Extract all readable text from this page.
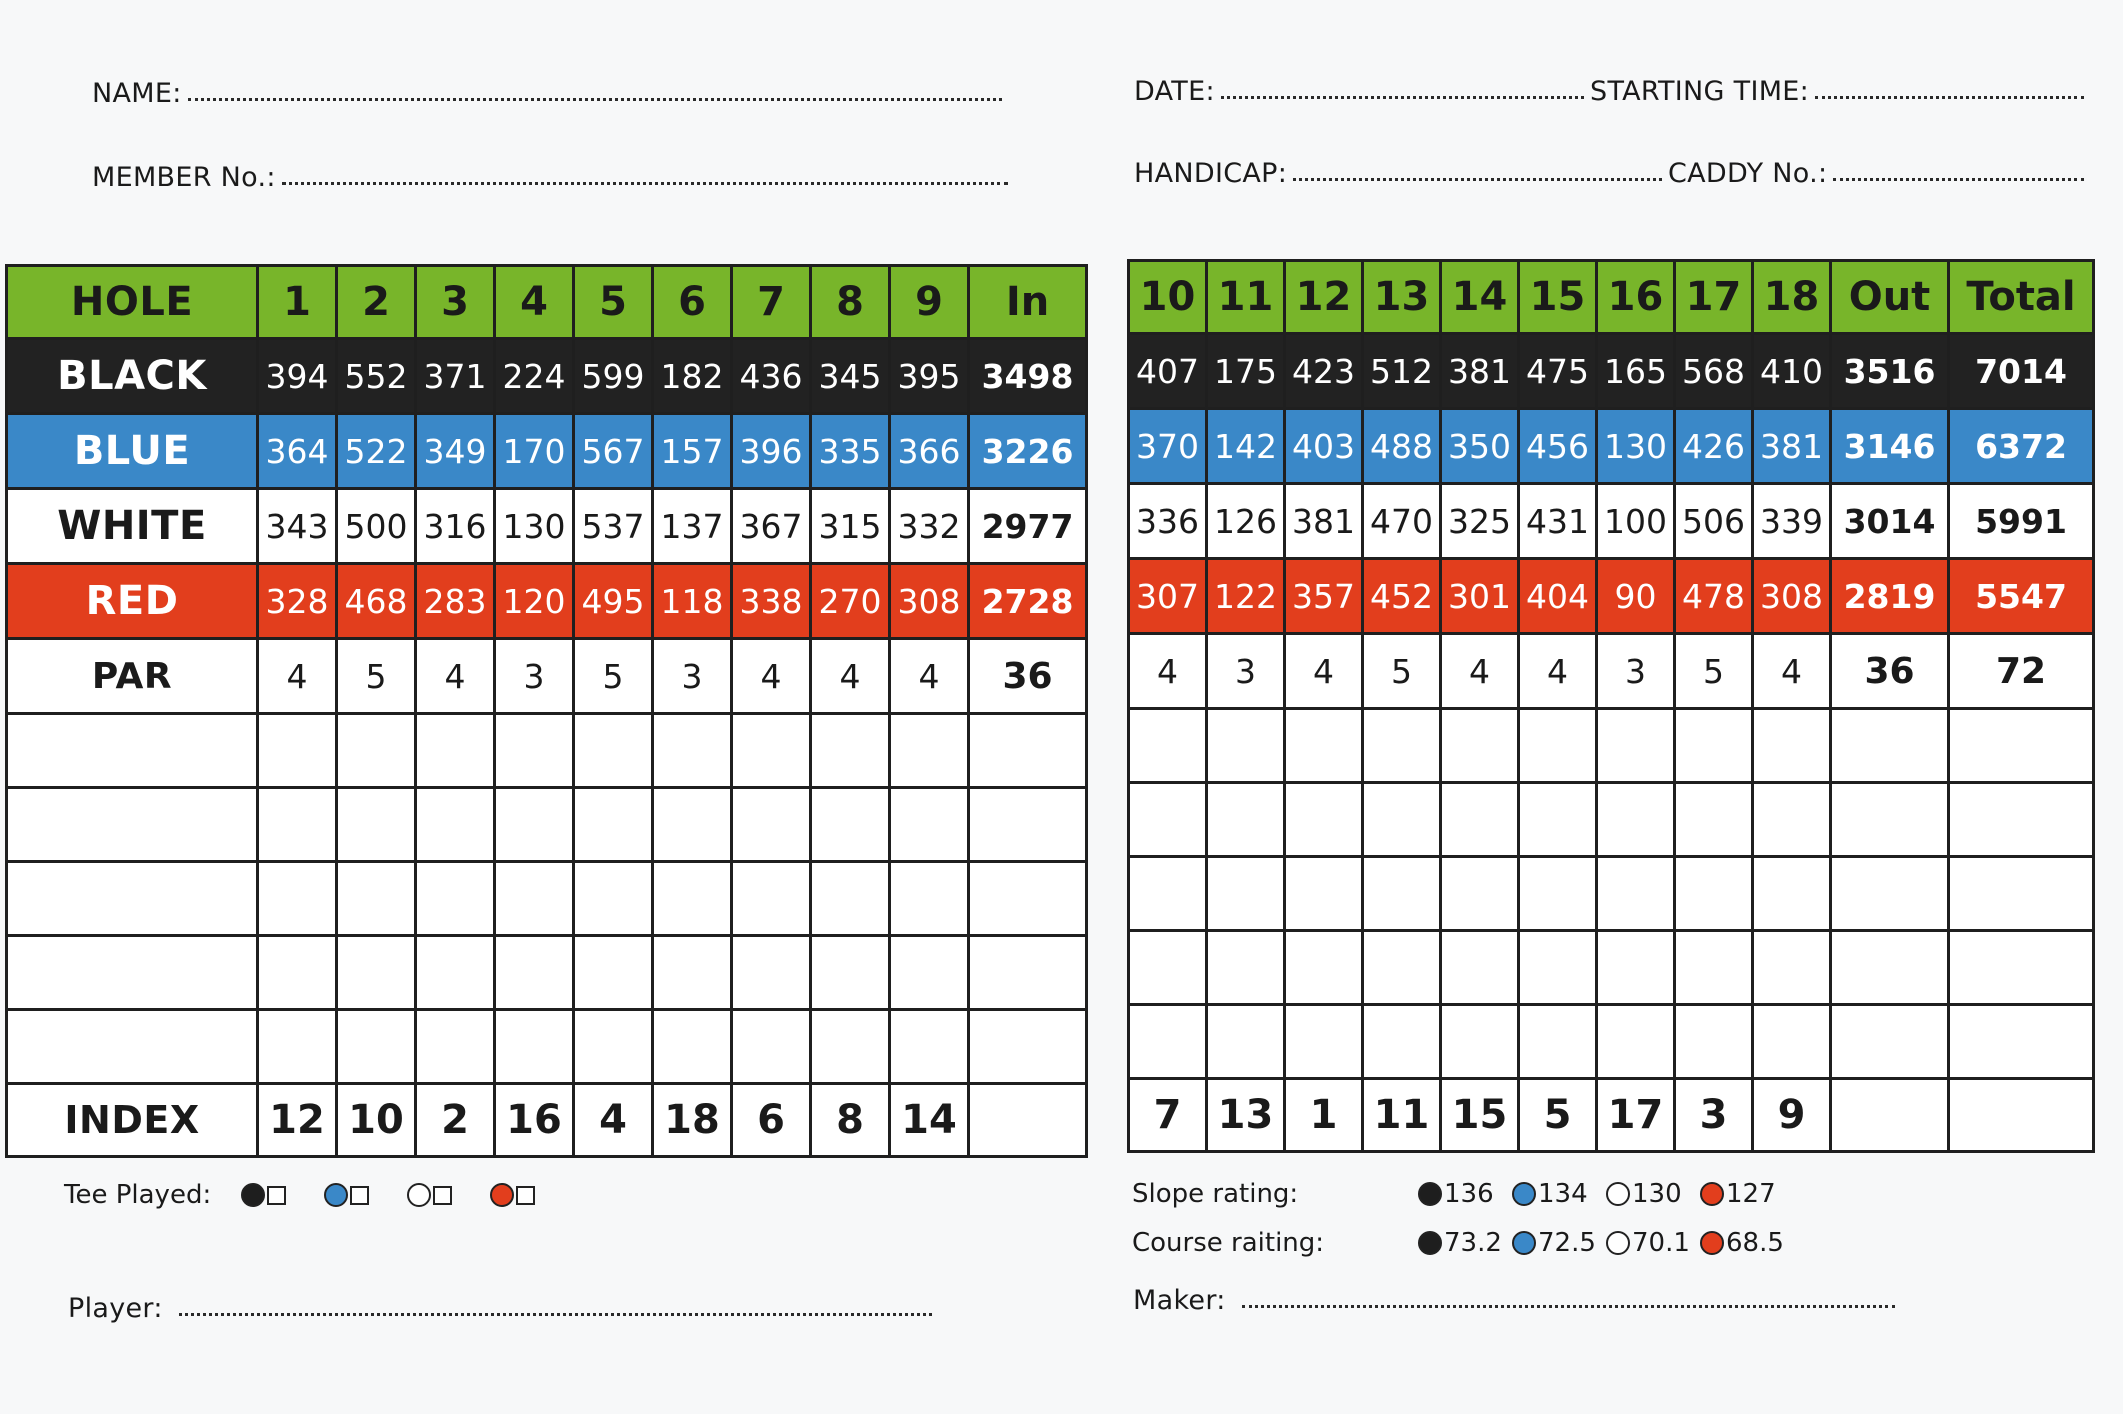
NAME:
MEMBER No.:
DATE:	STARTING TIME:
HANDICAP:	CADDY No.:
HOLE	1	2	3	4	5	6	7	8	9	In
BLACK	394	552	371	224	599	182	436	345	395	3498
BLUE	364	522	349	170	567	157	396	335	366	3226
WHITE	343	500	316	130	537	137	367	315	332	2977
RED	328	468	283	120	495	118	338	270	308	2728
PAR	4	5	4	3	5	3	4	4	4	36

INDEX	12	10	2	16	4	18	6	8	14	
10	11	12	13	14	15	16	17	18	Out	Total
407	175	423	512	381	475	165	568	410	3516	7014
370	142	403	488	350	456	130	426	381	3146	6372
336	126	381	470	325	431	100	506	339	3014	5991
307	122	357	452	301	404	90	478	308	2819	5547
4	3	4	5	4	4	3	5	4	36	72

7	13	1	11	15	5	17	3	9		
Tee Played:	Slope rating:	136 134 130 127
Course raiting:	73.2 72.5 70.1 68.5
Player:	Maker:
